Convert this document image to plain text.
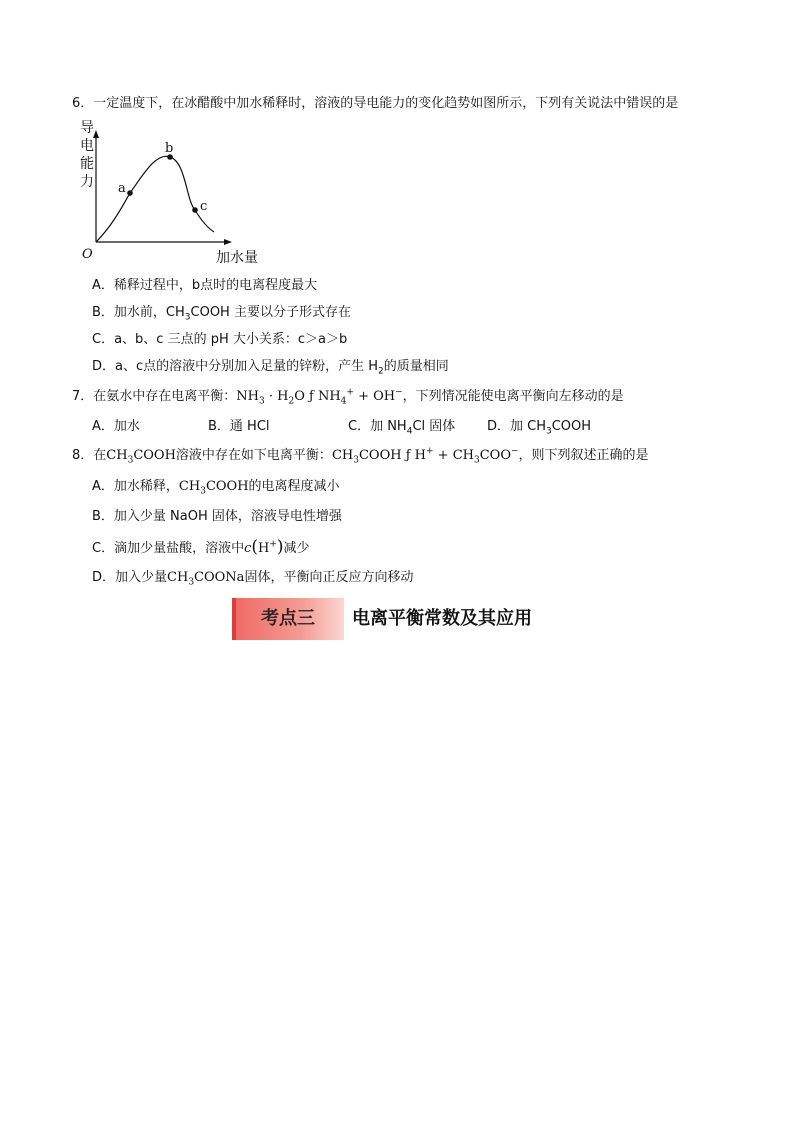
6．一定温度下，在冰醋酸中加水稀释时，溶液的导电能力的变化趋势如图所示，下列有关说法中错误的是
导
电
能
力
O	加水量
a
b
c
A．稀释过程中，b点时的电离程度最大
B．加水前，$CH_3COOH$ 主要以分子形式存在
C．a、b、c 三点的 pH 大小关系：c＞a＞b
D．a、c点的溶液中分别加入足量的锌粉，产生 $H_2$的质量相同
7．在氨水中存在电离平衡：$NH_3 \cdot H_2O$ ƒ $NH_4^+ + OH^-$，下列情况能使电离平衡向左移动的是
A．加水	B．通 HCl	C．加 $NH_4Cl$ 固体 D．加 $CH_3COOH$
8．在$CH_3COOH$溶液中存在如下电离平衡：$CH_3COOH$ ƒ $H^+ + CH_3COO^-$，则下列叙述正确的是
A．加水稀释，$CH_3COOH$的电离程度减小
B．加入少量 NaOH 固体，溶液导电性增强
C．滴加少量盐酸，溶液中c(H+)减少
D．加入少量$CH_3COONa$固体，平衡向正反应方向移动
考点三	电离平衡常数及其应用
